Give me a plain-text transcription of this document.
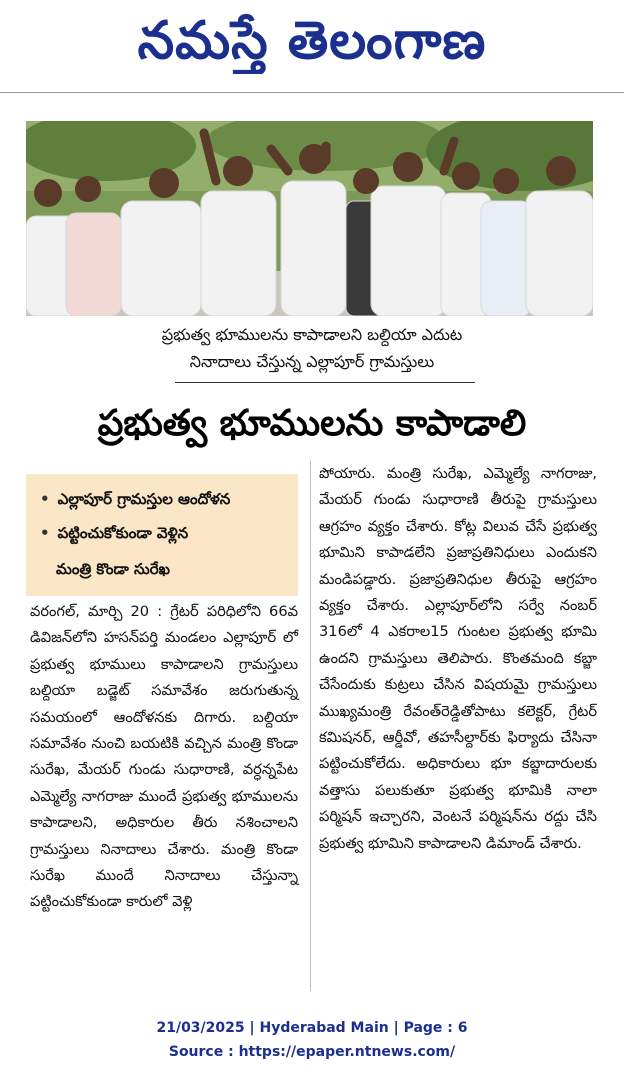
నమస్తే తెలంగాణ
ప్రభుత్వ భూములను కాపాడాలని బల్దియా ఎదుట
నినాదాలు చేస్తున్న ఎల్లాపూర్ గ్రామస్తులు
ప్రభుత్వ భూములను కాపాడాలి
• ఎల్లాపూర్ గ్రామస్తుల ఆందోళన
• పట్టించుకోకుండా వెళ్లిన
మంత్రి కొండా సురేఖ

వరంగల్, మార్చి 20 : గ్రేటర్ పరిధిలోని 66వ డివిజన్‌లోని హసన్‌పర్తి మండలం ఎల్లాపూర్ లో ప్రభుత్వ భూములు కాపాడాలని గ్రామస్తులు బల్దియా బడ్జెట్ సమావేశం జరుగుతున్న సమయంలో ఆందోళనకు దిగారు. బల్దియా సమావేశం నుంచి బయటికి వచ్చిన మంత్రి కొండా సురేఖ, మేయర్ గుండు సుధారాణి, వర్ధన్నపేట ఎమ్మెల్యే నాగరాజు ముందే ప్రభుత్వ భూములను కాపాడాలని, అధికారుల తీరు నశించాలని గ్రామస్తులు నినాదాలు చేశారు. మంత్రి కొండా సురేఖ ముందే నినాదాలు చేస్తున్నా పట్టించుకోకుండా కారులో వెళ్లి

పోయారు. మంత్రి సురేఖ, ఎమ్మెల్యే నాగరాజు, మేయర్ గుండు సుధారాణి తీరుపై గ్రామస్తులు ఆగ్రహం వ్యక్తం చేశారు. కోట్ల విలువ చేసే ప్రభుత్వ భూమిని కాపాడలేని ప్రజాప్రతినిధులు ఎందుకని మండిపడ్డారు. ప్రజాప్రతినిధుల తీరుపై ఆగ్రహం వ్యక్తం చేశారు. ఎల్లాపూర్‌లోని సర్వే నంబర్ 316లో 4 ఎకరాల15 గుంటల ప్రభుత్వ భూమి ఉందని గ్రామస్తులు తెలిపారు. కొంతమంది కబ్జా చేసేందుకు కుట్రలు చేసిన విషయమై గ్రామస్తులు ముఖ్యమంత్రి రేవంత్‌రెడ్డితోపాటు కలెక్టర్, గ్రేటర్ కమిషనర్, ఆర్డీవో, తహసీల్దార్‌కు ఫిర్యాదు చేసినా పట్టించుకోలేదు. అధికారులు భూ కబ్జాదారులకు వత్తాసు పలుకుతూ ప్రభుత్వ భూమికి నాలా పర్మిషన్ ఇచ్చారని, వెంటనే పర్మిషన్‌ను రద్దు చేసి ప్రభుత్వ భూమిని కాపాడాలని డిమాండ్ చేశారు.

21/03/2025 | Hyderabad Main | Page : 6
Source : https://epaper.ntnews.com/
